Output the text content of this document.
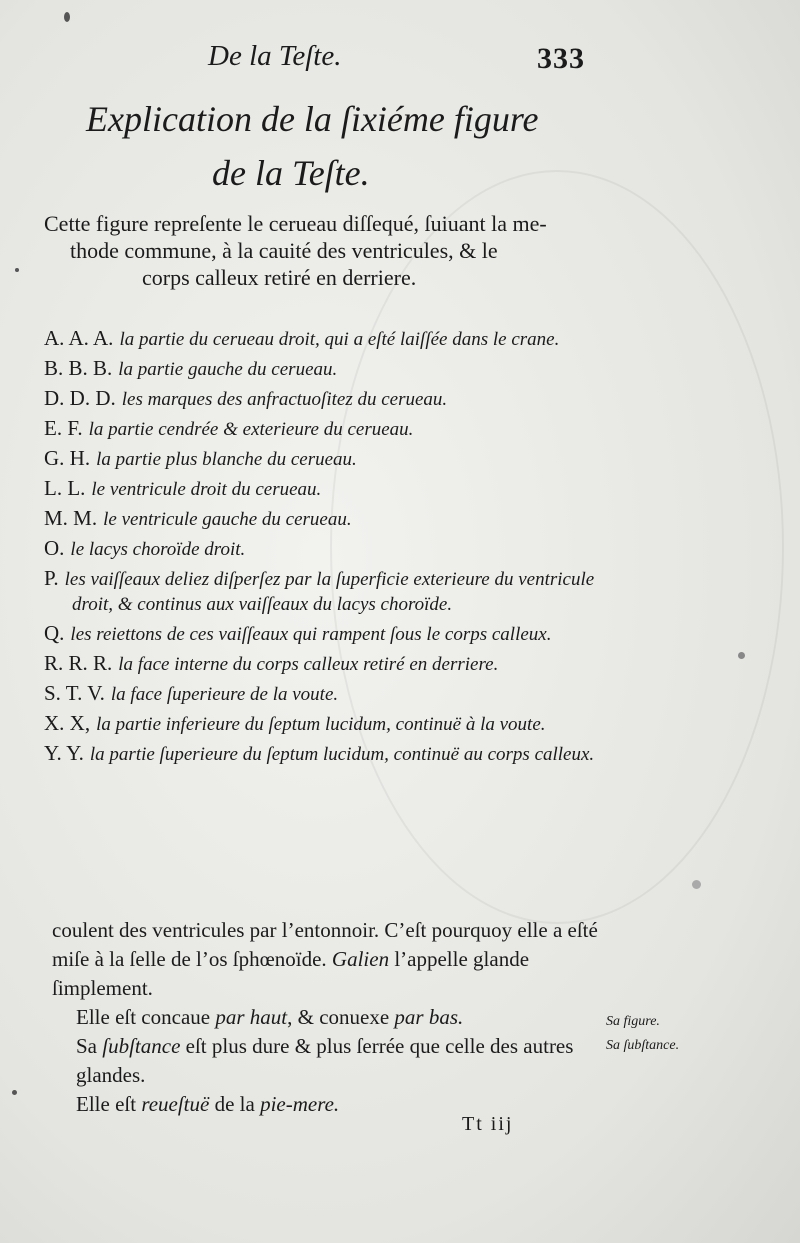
De la Teſte.	333
Explication de la ſixiéme figure
de la Teſte.
Cette figure repreſente le cerueau diſſequé, ſuiuant la me-
thode commune, à la cauité des ventricules, & le
corps calleux retiré en derriere.
A. A. A. la partie du cerueau droit, qui a eſté laiſſée dans le crane.
B. B. B. la partie gauche du cerueau.
D. D. D. les marques des anfractuoſitez du cerueau.
E. F. la partie cendrée & exterieure du cerueau.
G. H. la partie plus blanche du cerueau.
L. L. le ventricule droit du cerueau.
M. M. le ventricule gauche du cerueau.
O. le lacys choroïde droit.
P. les vaiſſeaux deliez diſperſez par la ſuperficie exterieure du ventricule droit, & continus aux vaiſſeaux du lacys choroïde.
Q. les reiettons de ces vaiſſeaux qui rampent ſous le corps calleux.
R. R. R. la face interne du corps calleux retiré en derriere.
S. T. V. la face ſuperieure de la voute.
X. X, la partie inferieure du ſeptum lucidum, continuë à la voute.
Y. Y. la partie ſuperieure du ſeptum lucidum, continuë au corps calleux.

coulent des ventricules par l’entonnoir. C’eſt pourquoy elle a eſté miſe à la ſelle de l’os ſphœnoïde. Galien l’appelle glande ſimplement.

Elle eſt concaue par haut, & conuexe par bas.

Sa ſubſtance eſt plus dure & plus ſerrée que celle des autres glandes.

Elle eſt reueſtuë de la pie-mere.

Sa figure.
Sa ſubſtance.
Tt iij
